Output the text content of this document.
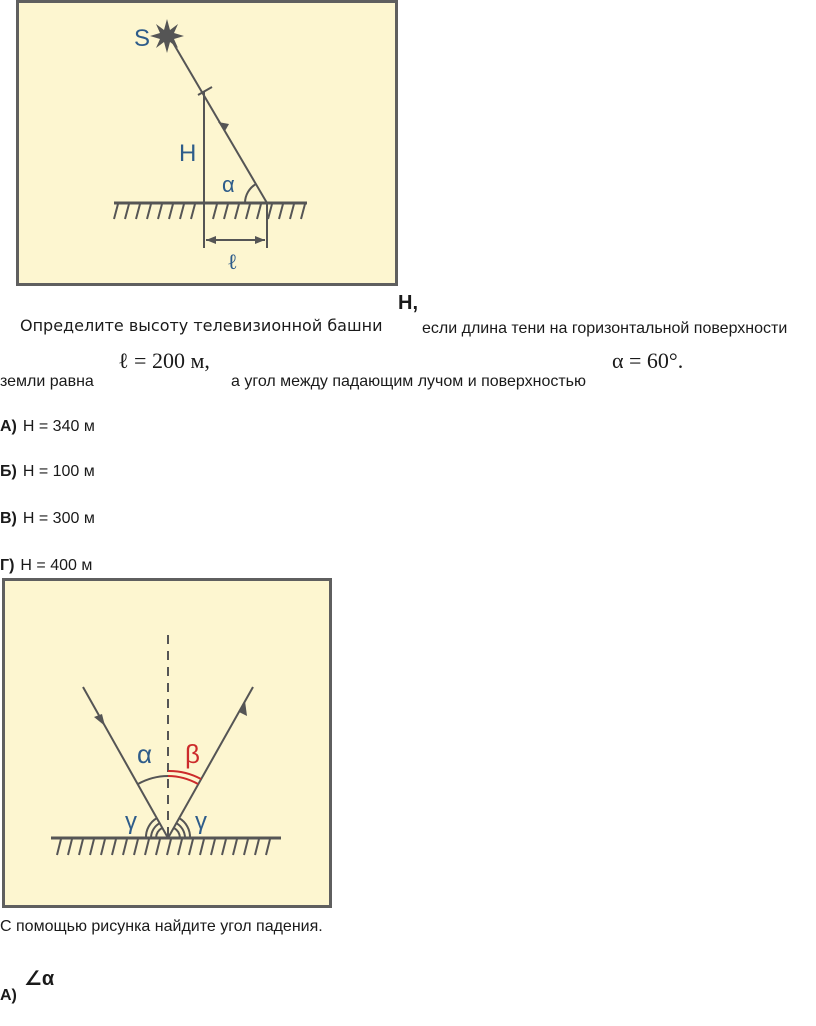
S
H
α
ℓ
Определите высоту телевизионной башни
H,
если длина тени на горизонтальной поверхности
земли равна
ℓ = 200 м,
а угол между падающим лучом и поверхностью
α = 60°.
А) H = 340 м
Б) H = 100 м
В) H = 300 м
Г) H = 400 м
α β
γ γ
С помощью рисунка найдите угол падения.
А)
∠α
